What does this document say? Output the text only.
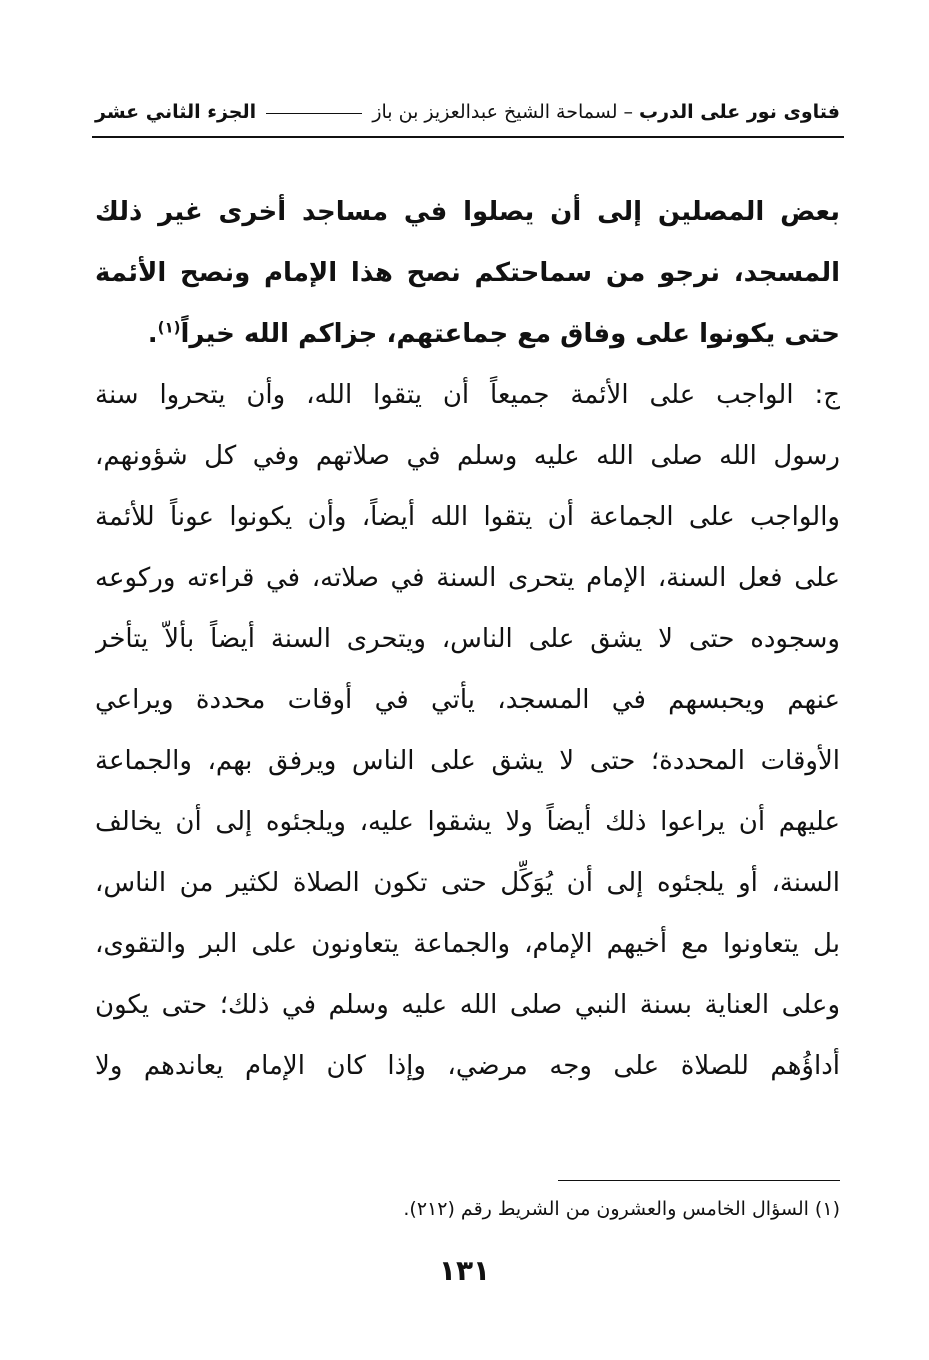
فتاوى نور على الدرب
–
لسماحة الشيخ عبدالعزيز بن باز
الجزء الثاني عشر
بعض المصلين إلى أن يصلوا في مساجد أخرى غير ذلك
المسجد، نرجو من سماحتكم نصح هذا الإمام ونصح الأئمة
حتى يكونوا على وفاق مع جماعتهم، جزاكم الله خيراً$^{(١)}$.
ج: الواجب على الأئمة جميعاً أن يتقوا الله، وأن يتحروا سنة
رسول الله صلى الله عليه وسلم في صلاتهم وفي كل شؤونهم،
والواجب على الجماعة أن يتقوا الله أيضاً، وأن يكونوا عوناً للأئمة
على فعل السنة، الإمام يتحرى السنة في صلاته، في قراءته وركوعه
وسجوده حتى لا يشق على الناس، ويتحرى السنة أيضاً بألاّ يتأخر
عنهم ويحبسهم في المسجد، يأتي في أوقات محددة ويراعي
الأوقات المحددة؛ حتى لا يشق على الناس ويرفق بهم، والجماعة
عليهم أن يراعوا ذلك أيضاً ولا يشقوا عليه، ويلجئوه إلى أن يخالف
السنة، أو يلجئوه إلى أن يُوَكِّل حتى تكون الصلاة لكثير من الناس،
بل يتعاونوا مع أخيهم الإمام، والجماعة يتعاونون على البر والتقوى،
وعلى العناية بسنة النبي صلى الله عليه وسلم في ذلك؛ حتى يكون
أداؤُهم للصلاة على وجه مرضي، وإذا كان الإمام يعاندهم ولا
(١) السؤال الخامس والعشرون من الشريط رقم (٢١٢).
١٣١
